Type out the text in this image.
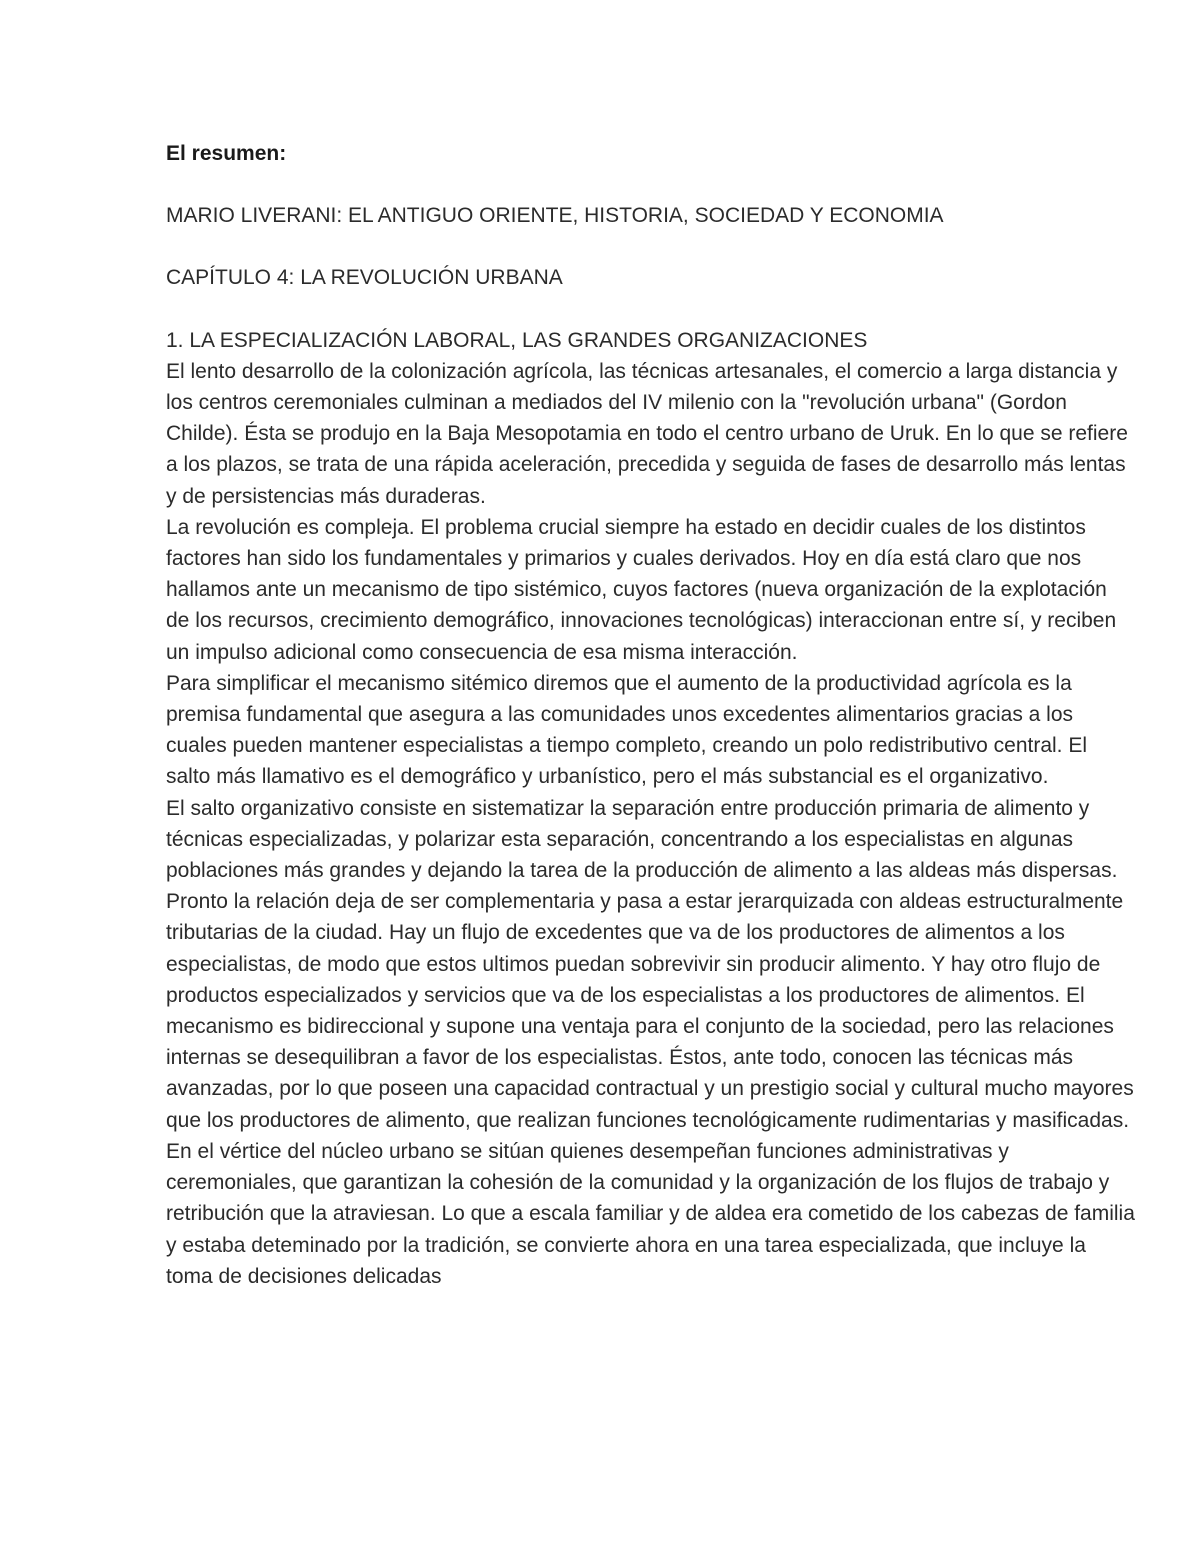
El resumen:
MARIO LIVERANI: EL ANTIGUO ORIENTE, HISTORIA, SOCIEDAD Y ECONOMIA
CAPÍTULO 4: LA REVOLUCIÓN URBANA
1. LA ESPECIALIZACIÓN LABORAL, LAS GRANDES ORGANIZACIONES

El lento desarrollo de la colonización agrícola, las técnicas artesanales, el comercio a larga distancia y los centros ceremoniales culminan a mediados del IV milenio con la "revolución urbana" (Gordon Childe). Ésta se produjo en la Baja Mesopotamia en todo el centro urbano de Uruk. En lo que se refiere a los plazos, se trata de una rápida aceleración, precedida y seguida de fases de desarrollo más lentas y de persistencias más duraderas.

La revolución es compleja. El problema crucial siempre ha estado en decidir cuales de los distintos factores han sido los fundamentales y primarios y cuales derivados. Hoy en día está claro que nos hallamos ante un mecanismo de tipo sistémico, cuyos factores (nueva organización de la explotación de los recursos, crecimiento demográfico, innovaciones tecnológicas) interaccionan entre sí, y reciben un impulso adicional como consecuencia de esa misma interacción.

Para simplificar el mecanismo sitémico diremos que el aumento de la productividad agrícola es la premisa fundamental que asegura a las comunidades unos excedentes alimentarios gracias a los cuales pueden mantener especialistas a tiempo completo, creando un polo redistributivo central. El salto más llamativo es el demográfico y urbanístico, pero el más substancial es el organizativo.

El salto organizativo consiste en sistematizar la separación entre producción primaria de alimento y técnicas especializadas, y polarizar esta separación, concentrando a los especialistas en algunas poblaciones más grandes y dejando la tarea de la producción de alimento a las aldeas más dispersas.

Pronto la relación deja de ser complementaria y pasa a estar jerarquizada con aldeas estructuralmente tributarias de la ciudad. Hay un flujo de excedentes que va de los productores de alimentos a los especialistas, de modo que estos ultimos puedan sobrevivir sin producir alimento. Y hay otro flujo de productos especializados y servicios que va de los especialistas a los productores de alimentos. El mecanismo es bidireccional y supone una ventaja para el conjunto de la sociedad, pero las relaciones internas se desequilibran a favor de los especialistas. Éstos, ante todo, conocen las técnicas más avanzadas, por lo que poseen una capacidad contractual y un prestigio social y cultural mucho mayores que los productores de alimento, que realizan funciones tecnológicamente rudimentarias y masificadas. En el vértice del núcleo urbano se sitúan quienes desempeñan funciones administrativas y ceremoniales, que garantizan la cohesión de la comunidad y la organización de los flujos de trabajo y retribución que la atraviesan. Lo que a escala familiar y de aldea era cometido de los cabezas de familia y estaba deteminado por la tradición, se convierte ahora en una tarea especializada, que incluye la toma de decisiones delicadas
